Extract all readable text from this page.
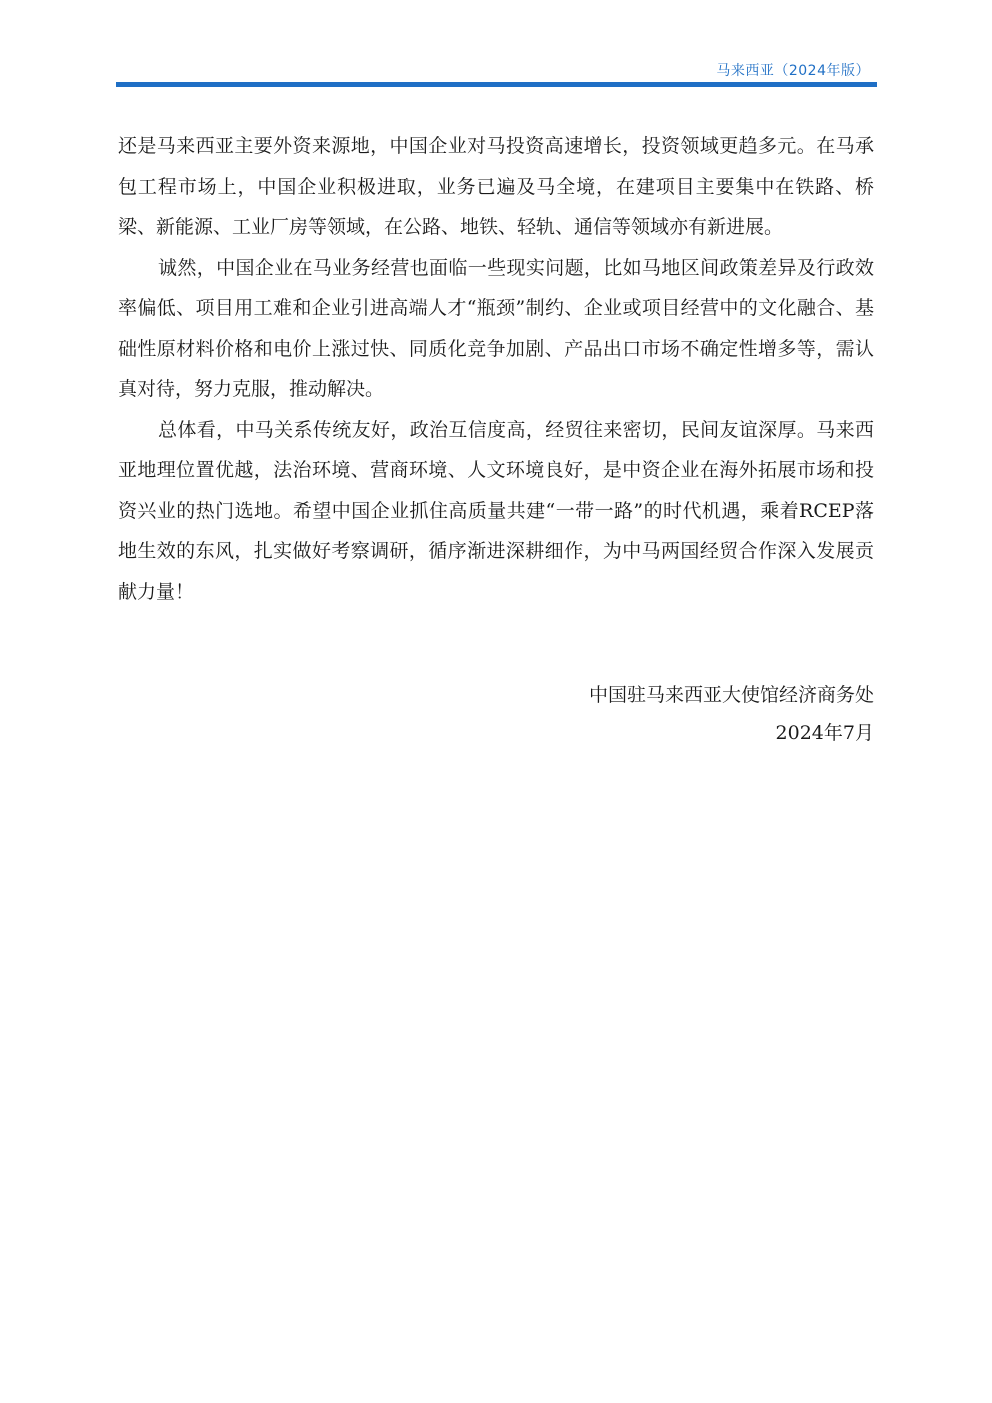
马来西亚（2024年版）

还是马来西亚主要外资来源地，中国企业对马投资高速增长，投资领域更趋多元。在马承包工程市场上，中国企业积极进取，业务已遍及马全境，在建项目主要集中在铁路、桥梁、新能源、工业厂房等领域，在公路、地铁、轻轨、通信等领域亦有新进展。

诚然，中国企业在马业务经营也面临一些现实问题，比如马地区间政策差异及行政效率偏低、项目用工难和企业引进高端人才“瓶颈”制约、企业或项目经营中的文化融合、基础性原材料价格和电价上涨过快、同质化竞争加剧、产品出口市场不确定性增多等，需认真对待，努力克服，推动解决。

总体看，中马关系传统友好，政治互信度高，经贸往来密切，民间友谊深厚。马来西亚地理位置优越，法治环境、营商环境、人文环境良好，是中资企业在海外拓展市场和投资兴业的热门选地。希望中国企业抓住高质量共建“一带一路”的时代机遇，乘着RCEP落地生效的东风，扎实做好考察调研，循序渐进深耕细作，为中马两国经贸合作深入发展贡献力量！

中国驻马来西亚大使馆经济商务处
2024年7月
